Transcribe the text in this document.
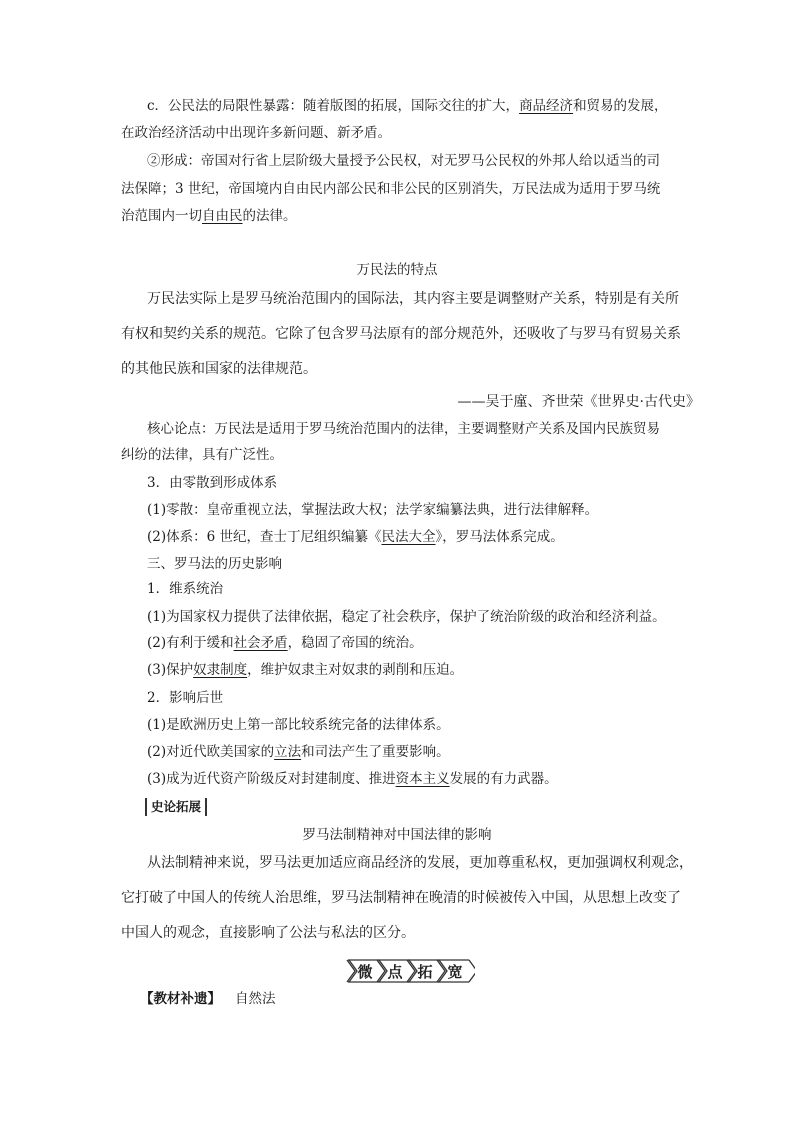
c．公民法的局限性暴露：随着版图的拓展，国际交往的扩大，商品经济和贸易的发展，
在政治经济活动中出现许多新问题、新矛盾。
②形成：帝国对行省上层阶级大量授予公民权，对无罗马公民权的外邦人给以适当的司
法保障；3 世纪，帝国境内自由民内部公民和非公民的区别消失，万民法成为适用于罗马统
治范围内一切自由民的法律。
万民法的特点
万民法实际上是罗马统治范围内的国际法，其内容主要是调整财产关系，特别是有关所
有权和契约关系的规范。它除了包含罗马法原有的部分规范外，还吸收了与罗马有贸易关系
的其他民族和国家的法律规范。
——吴于廑、齐世荣《世界史·古代史》
核心论点：万民法是适用于罗马统治范围内的法律，主要调整财产关系及国内民族贸易
纠纷的法律，具有广泛性。
3．由零散到形成体系
(1)零散：皇帝重视立法，掌握法政大权；法学家编纂法典，进行法律解释。
(2)体系：6 世纪，查士丁尼组织编纂《民法大全》，罗马法体系完成。
三、罗马法的历史影响
1．维系统治
(1)为国家权力提供了法律依据，稳定了社会秩序，保护了统治阶级的政治和经济利益。
(2)有利于缓和社会矛盾，稳固了帝国的统治。
(3)保护奴隶制度，维护奴隶主对奴隶的剥削和压迫。
2．影响后世
(1)是欧洲历史上第一部比较系统完备的法律体系。
(2)对近代欧美国家的立法和司法产生了重要影响。
(3)成为近代资产阶级反对封建制度、推进资本主义发展的有力武器。
史论拓展
罗马法制精神对中国法律的影响
从法制精神来说，罗马法更加适应商品经济的发展，更加尊重私权，更加强调权利观念，
它打破了中国人的传统人治思维，罗马法制精神在晚清的时候被传入中国，从思想上改变了
中国人的观念，直接影响了公法与私法的区分。
微 点 拓 宽
【教材补遗】 自然法
